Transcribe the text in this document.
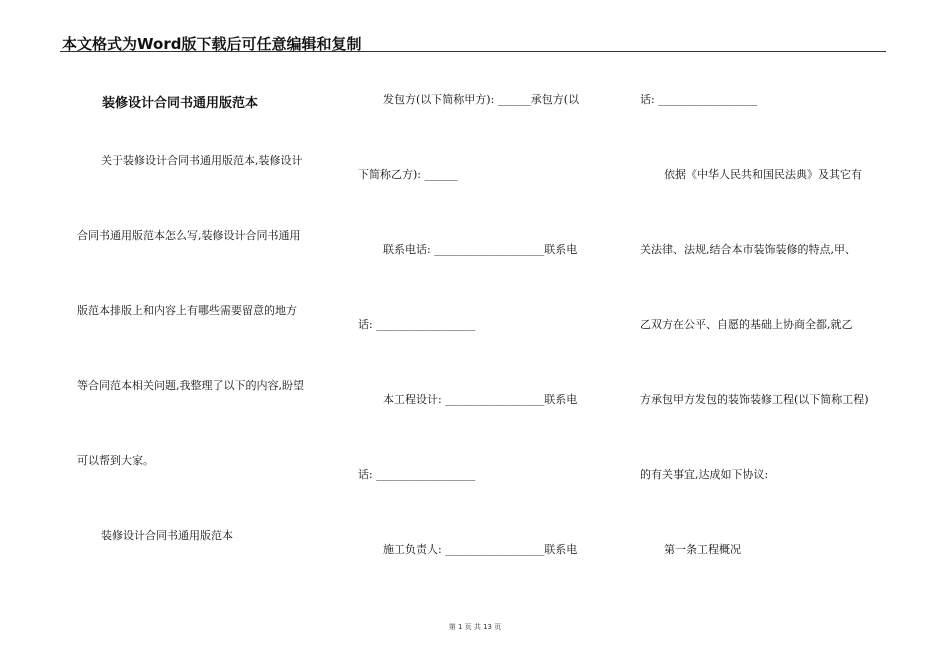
本文格式为Word版下载后可任意编辑和复制
装修设计合同书通用版范本
关于装修设计合同书通用版范本,装修设计
合同书通用版范本怎么写,装修设计合同书通用
版范本排版上和内容上有哪些需要留意的地方
等合同范本相关问题,我整理了以下的内容,盼望
可以帮到大家。
装修设计合同书通用版范本
发包方(以下简称甲方): ______承包方(以
下简称乙方): ______
联系电话: ____________________联系电
话: __________________
本工程设计: __________________联系电
话: __________________
施工负责人: __________________联系电
话: __________________
依据《中华人民共和国民法典》及其它有
关法律、法规,结合本市装饰装修的特点,甲、
乙双方在公平、自愿的基础上协商全都,就乙
方承包甲方发包的装饰装修工程(以下简称工程)
的有关事宜,达成如下协议:
第一条工程概况
第 1 页 共 13 页
